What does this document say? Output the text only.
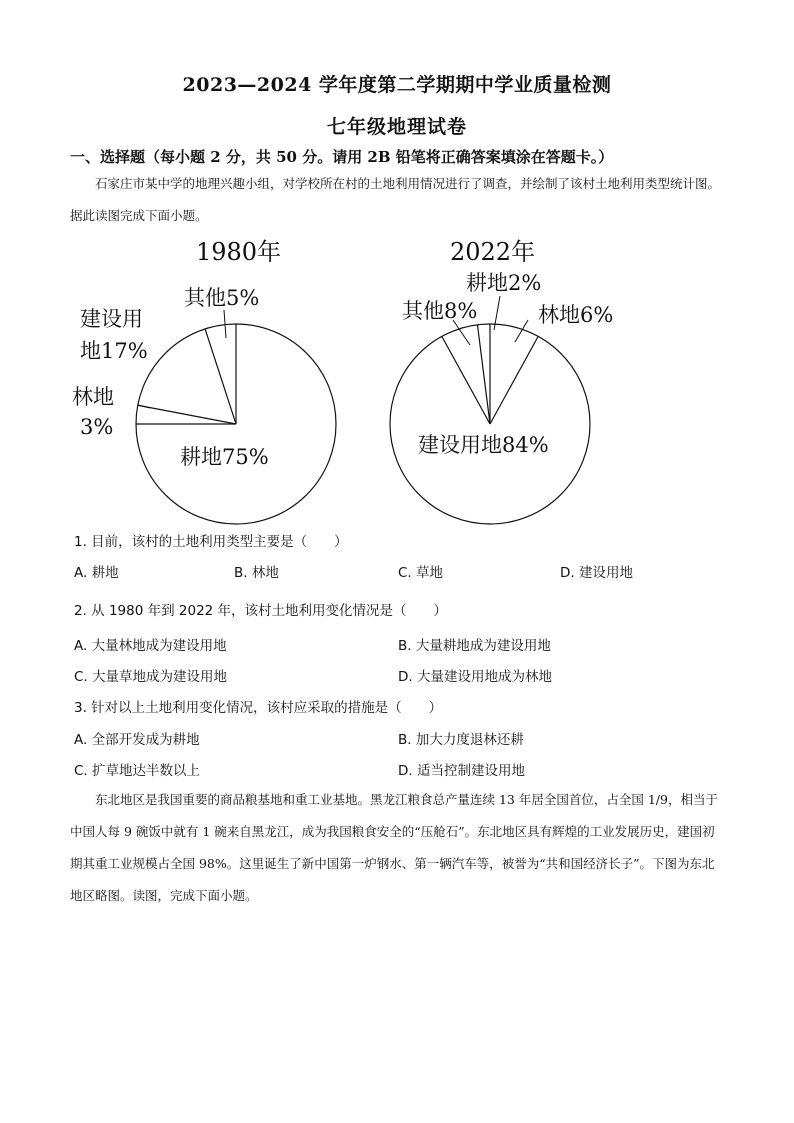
2023—2024 学年度第二学期期中学业质量检测
七年级地理试卷
一、选择题（每小题 2 分，共 50 分。请用 2B 铅笔将正确答案填涂在答题卡。）
石家庄市某中学的地理兴趣小组，对学校所在村的土地利用情况进行了调查，并绘制了该村土地利用类型统计图。据此读图完成下面小题。
1980年	2022年
其他5%
建设用
地17%
林地
3%
耕地75%
耕地2%
其他8%	林地6%
建设用地84%
1. 目前，该村的土地利用类型主要是（　　）
A. 耕地	B. 林地	C. 草地	D. 建设用地
2. 从 1980 年到 2022 年，该村土地利用变化情况是（　　）
A. 大量林地成为建设用地	B. 大量耕地成为建设用地
C. 大量草地成为建设用地	D. 大量建设用地成为林地
3. 针对以上土地利用变化情况，该村应采取的措施是（　　）
A. 全部开发成为耕地	B. 加大力度退林还耕
C. 扩草地达半数以上	D. 适当控制建设用地
东北地区是我国重要的商品粮基地和重工业基地。黑龙江粮食总产量连续 13 年居全国首位，占全国 1/9，相当于中国人每 9 碗饭中就有 1 碗来自黑龙江，成为我国粮食安全的“压舱石”。东北地区具有辉煌的工业发展历史，建国初期其重工业规模占全国 98%。这里诞生了新中国第一炉钢水、第一辆汽车等，被誉为“共和国经济长子”。下图为东北地区略图。读图，完成下面小题。
